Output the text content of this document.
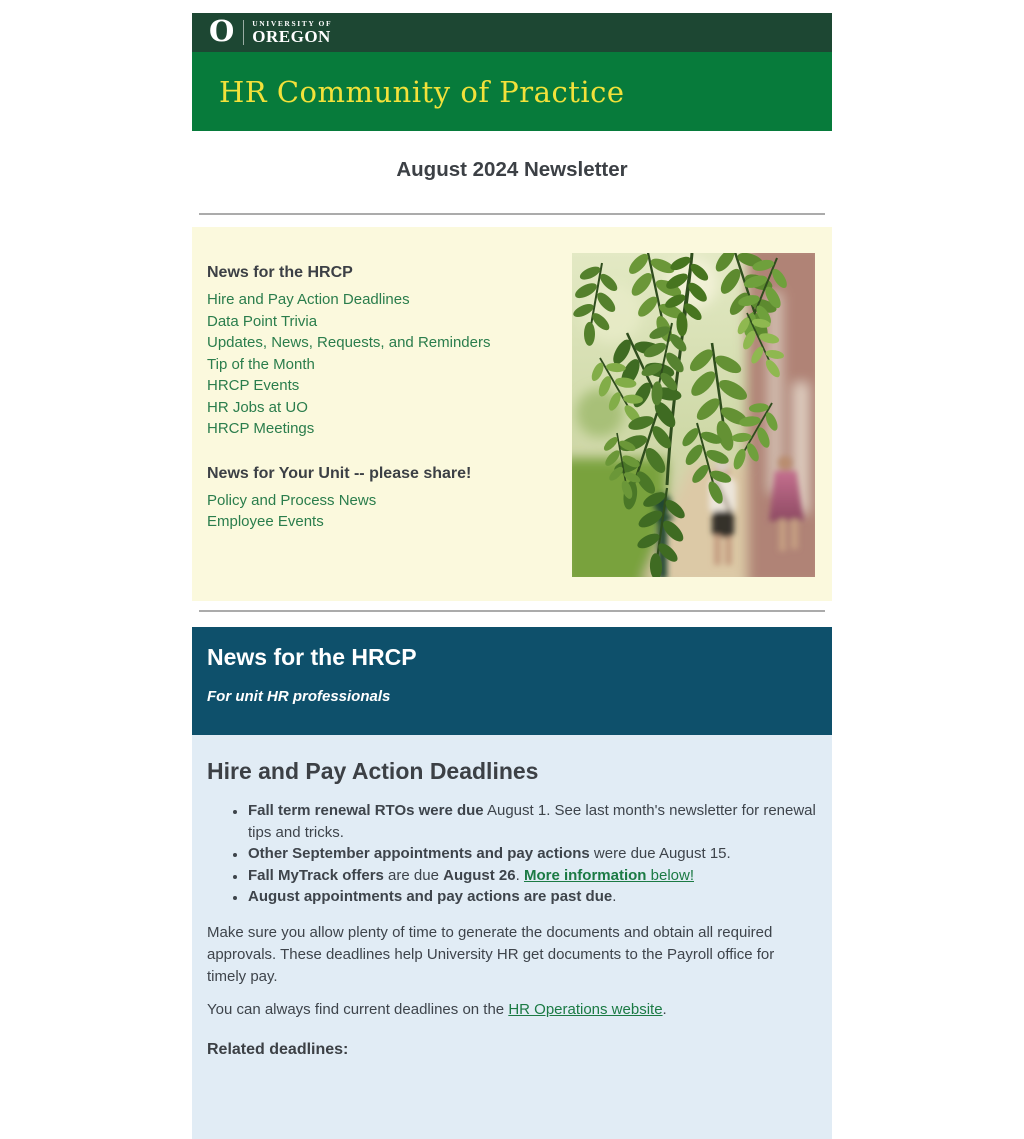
O UNIVERSITY OF
OREGON
HR Community of Practice
August 2024 Newsletter
News for the HRCP
Hire and Pay Action Deadlines
Data Point Trivia
Updates, News, Requests, and Reminders
Tip of the Month
HRCP Events
HR Jobs at UO
HRCP Meetings
News for Your Unit -- please share!
Policy and Process News
Employee Events
News for the HRCP

For unit HR professionals

Hire and Pay Action Deadlines
• Fall term renewal RTOs were due August 1. See last month's newsletter for renewal tips and tricks.
• Other September appointments and pay actions were due August 15.
• Fall MyTrack offers are due August 26. More information below!
• August appointments and pay actions are past due.

Make sure you allow plenty of time to generate the documents and obtain all required approvals. These deadlines help University HR get documents to the Payroll office for timely pay.

You can always find current deadlines on the HR Operations website.

Related deadlines:
